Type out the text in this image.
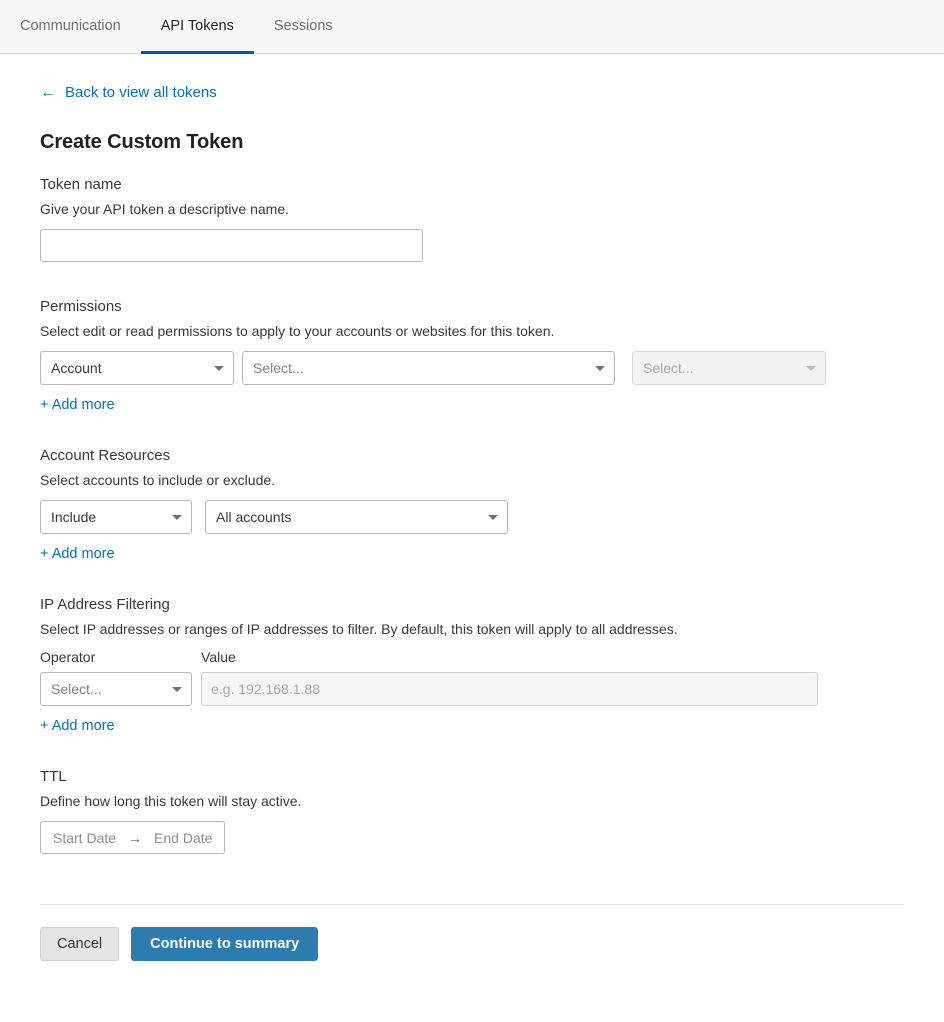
Communication	API Tokens	Sessions
← Back to view all tokens
Create Custom Token
Token name
Give your API token a descriptive name.
Permissions
Select edit or read permissions to apply to your accounts or websites for this token.
Account	Select...	Select...
+ Add more
Account Resources
Select accounts to include or exclude.
Include	All accounts
+ Add more
IP Address Filtering
Select IP addresses or ranges of IP addresses to filter. By default, this token will apply to all addresses.
Operator
Select...
Value
e.g. 192.168.1.88
+ Add more
TTL
Define how long this token will stay active.
Start Date → End Date
Cancel	Continue to summary
